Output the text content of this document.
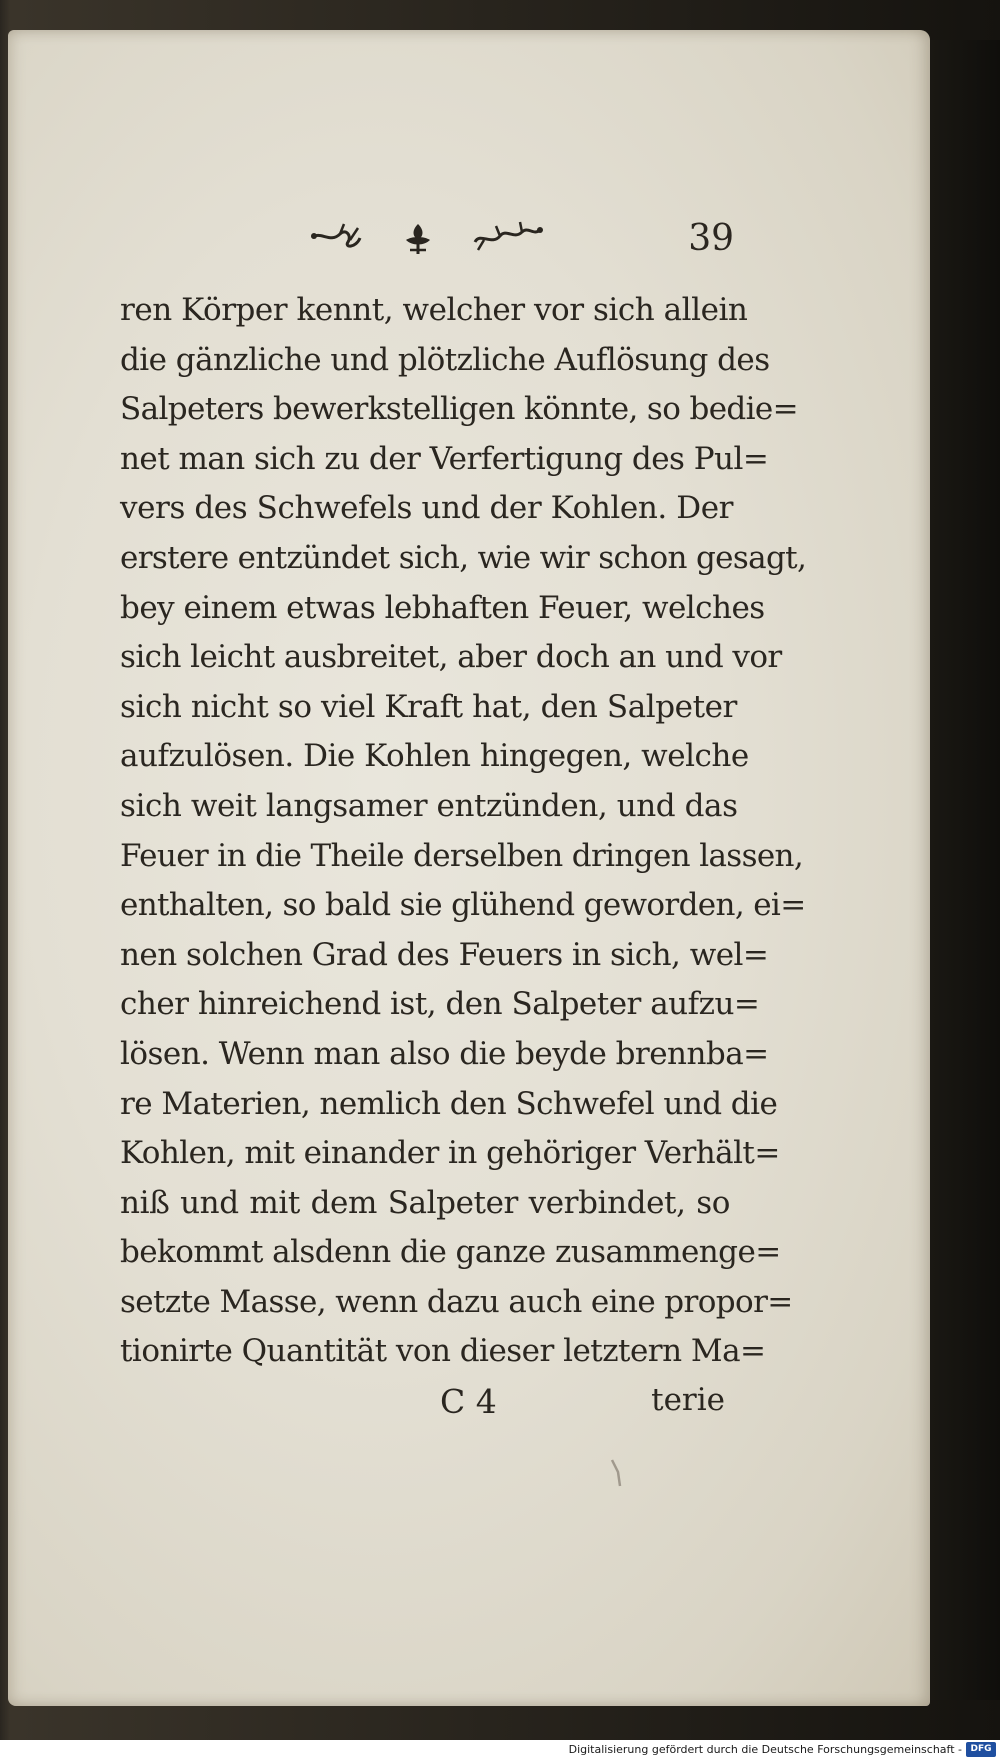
39
ren Körper kennt, welcher vor sich allein
die gänzliche und plötzliche Auflösung des
Salpeters bewerkstelligen könnte, so bedie=
net man sich zu der Verfertigung des Pul=
vers des Schwefels und der Kohlen. Der
erstere entzündet sich, wie wir schon gesagt,
bey einem etwas lebhaften Feuer, welches
sich leicht ausbreitet, aber doch an und vor
sich nicht so viel Kraft hat, den Salpeter
aufzulösen. Die Kohlen hingegen, welche
sich weit langsamer entzünden, und das
Feuer in die Theile derselben dringen lassen,
enthalten, so bald sie glühend geworden, ei=
nen solchen Grad des Feuers in sich, wel=
cher hinreichend ist, den Salpeter aufzu=
lösen. Wenn man also die beyde brennba=
re Materien, nemlich den Schwefel und die
Kohlen, mit einander in gehöriger Verhält=
niß und mit dem Salpeter verbindet, so
bekommt alsdenn die ganze zusammenge=
setzte Masse, wenn dazu auch eine propor=
tionirte Quantität von dieser letztern Ma=
C 4	terie
Digitalisierung gefördert durch die Deutsche Forschungsgemeinschaft - DFG
